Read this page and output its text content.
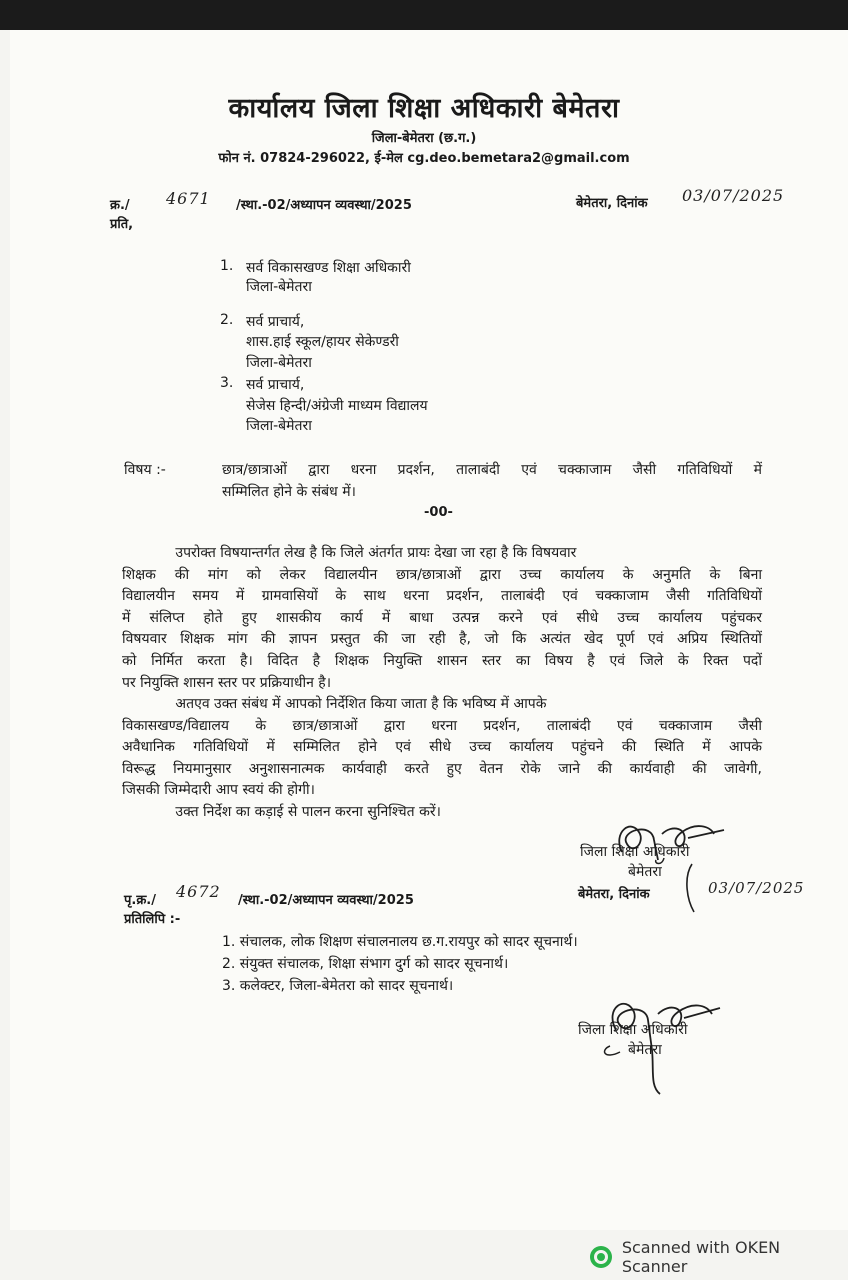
कार्यालय जिला शिक्षा अधिकारी बेमेतरा
जिला-बेमेतरा (छ.ग.)
फोन नं. 07824-296022, ई-मेल cg.deo.bemetara2@gmail.com
क्र./ 4671 /स्था.-02/अध्यापन व्यवस्था/2025	बेमेतरा, दिनांक 03/07/2025
प्रति,
1. सर्व विकासखण्ड शिक्षा अधिकारी
जिला-बेमेतरा
2. सर्व प्राचार्य,
शास.हाई स्कूल/हायर सेकेण्डरी
जिला-बेमेतरा
3. सर्व प्राचार्य,
सेजेस हिन्दी/अंग्रेजी माध्यम विद्यालय
जिला-बेमेतरा
विषय :-	छात्र/छात्राओं द्वारा धरना प्रदर्शन, तालाबंदी एवं चक्काजाम जैसी गतिविधियों में
सम्मिलित होने के संबंध में।
-00-
उपरोक्त विषयान्तर्गत लेख है कि जिले अंतर्गत प्रायः देखा जा रहा है कि विषयवार
शिक्षक की मांग को लेकर विद्यालयीन छात्र/छात्राओं द्वारा उच्च कार्यालय के अनुमति के बिना
विद्यालयीन समय में ग्रामवासियों के साथ धरना प्रदर्शन, तालाबंदी एवं चक्काजाम जैसी गतिविधियों
में संलिप्त होते हुए शासकीय कार्य में बाधा उत्पन्न करने एवं सीधे उच्च कार्यालय पहुंचकर
विषयवार शिक्षक मांग की ज्ञापन प्रस्तुत की जा रही है, जो कि अत्यंत खेद पूर्ण एवं अप्रिय स्थितियों
को निर्मित करता है। विदित है शिक्षक नियुक्ति शासन स्तर का विषय है एवं जिले के रिक्त पदों
पर नियुक्ति शासन स्तर पर प्रक्रियाधीन है।
अतएव उक्त संबंध में आपको निर्देशित किया जाता है कि भविष्य में आपके
विकासखण्ड/विद्यालय के छात्र/छात्राओं द्वारा धरना प्रदर्शन, तालाबंदी एवं चक्काजाम जैसी
अवैधानिक गतिविधियों में सम्मिलित होने एवं सीधे उच्च कार्यालय पहुंचने की स्थिति में आपके
विरूद्ध नियमानुसार अनुशासनात्मक कार्यवाही करते हुए वेतन रोके जाने की कार्यवाही की जावेगी,
जिसकी जिम्मेदारी आप स्वयं की होगी।
उक्त निर्देश का कड़ाई से पालन करना सुनिश्चित करें।
जिला शिक्षा अधिकारी
बेमेतरा
पृ.क्र./ 4672 /स्था.-02/अध्यापन व्यवस्था/2025	बेमेतरा, दिनांक	03/07/2025
प्रतिलिपि :-
1. संचालक, लोक शिक्षण संचालनालय छ.ग.रायपुर को सादर सूचनार्थ।
2. संयुक्त संचालक, शिक्षा संभाग दुर्ग को सादर सूचनार्थ।
3. कलेक्टर, जिला-बेमेतरा को सादर सूचनार्थ।
जिला शिक्षा अधिकारी
बेमेतरा
Scanned with OKEN Scanner
